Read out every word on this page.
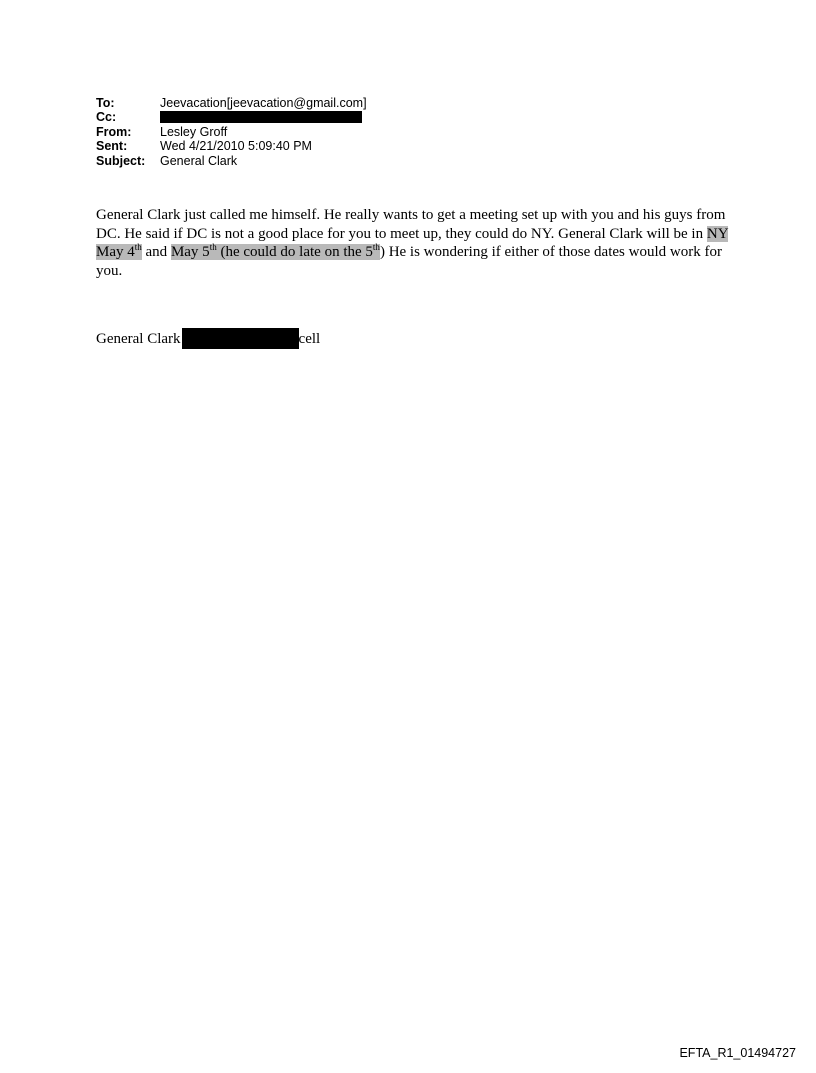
To:	Jeevacation[jeevacation@gmail.com]
Cc:
From:	Lesley Groff
Sent:	Wed 4/21/2010 5:09:40 PM
Subject:	General Clark

General Clark just called me himself. He really wants to get a meeting set up with you and his guys from DC. He said if DC is not a good place for you to meet up, they could do NY. General Clark will be in NY May 4th and May 5th (he could do late on the 5th) He is wondering if either of those dates would work for you.

General Clark	cell
EFTA_R1_01494727
